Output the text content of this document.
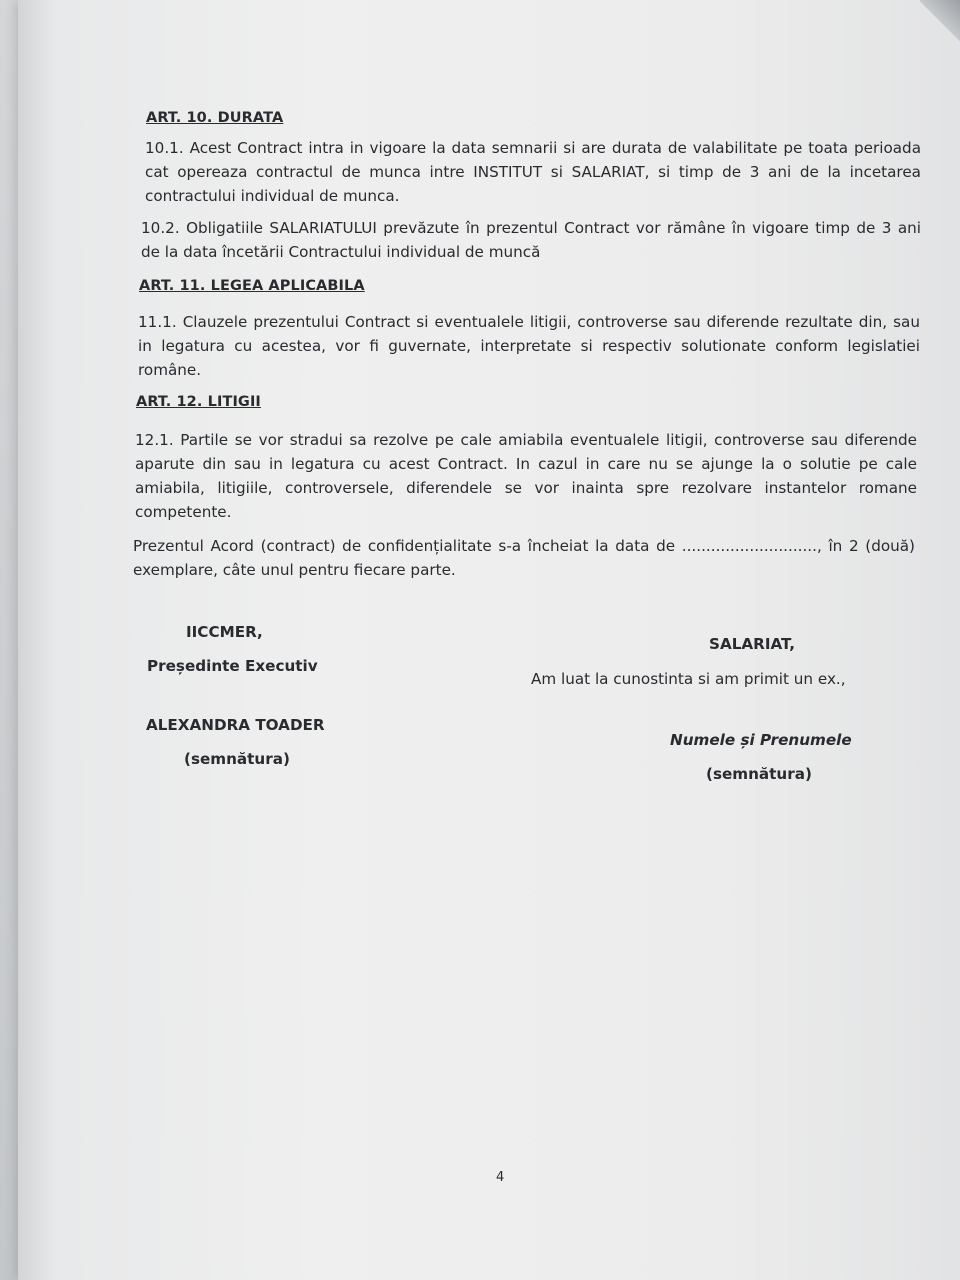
ART. 10. DURATA

10.1. Acest Contract intra in vigoare la data semnarii si are durata de valabilitate pe toata perioada cat opereaza contractul de munca intre INSTITUT si SALARIAT, si timp de 3 ani de la incetarea contractului individual de munca.

10.2. Obligatiile SALARIATULUI prevăzute în prezentul Contract vor rămâne în vigoare timp de 3 ani de la data încetării Contractului individual de muncă

ART. 11. LEGEA APLICABILA

11.1. Clauzele prezentului Contract si eventualele litigii, controverse sau diferende rezultate din, sau in legatura cu acestea, vor fi guvernate, interpretate si respectiv solutionate conform legislatiei române.

ART. 12. LITIGII

12.1. Partile se vor stradui sa rezolve pe cale amiabila eventualele litigii, controverse sau diferende aparute din sau in legatura cu acest Contract. In cazul in care nu se ajunge la o solutie pe cale amiabila, litigiile, controversele, diferendele se vor inainta spre rezolvare instantelor romane competente.

Prezentul Acord (contract) de confidențialitate s-a încheiat la data de ............................, în 2 (două) exemplare, câte unul pentru fiecare parte.

IICCMER,
Președinte Executiv
ALEXANDRA TOADER
(semnătura)
SALARIAT,
Am luat la cunostinta si am primit un ex.,
Numele și Prenumele
(semnătura)
4
